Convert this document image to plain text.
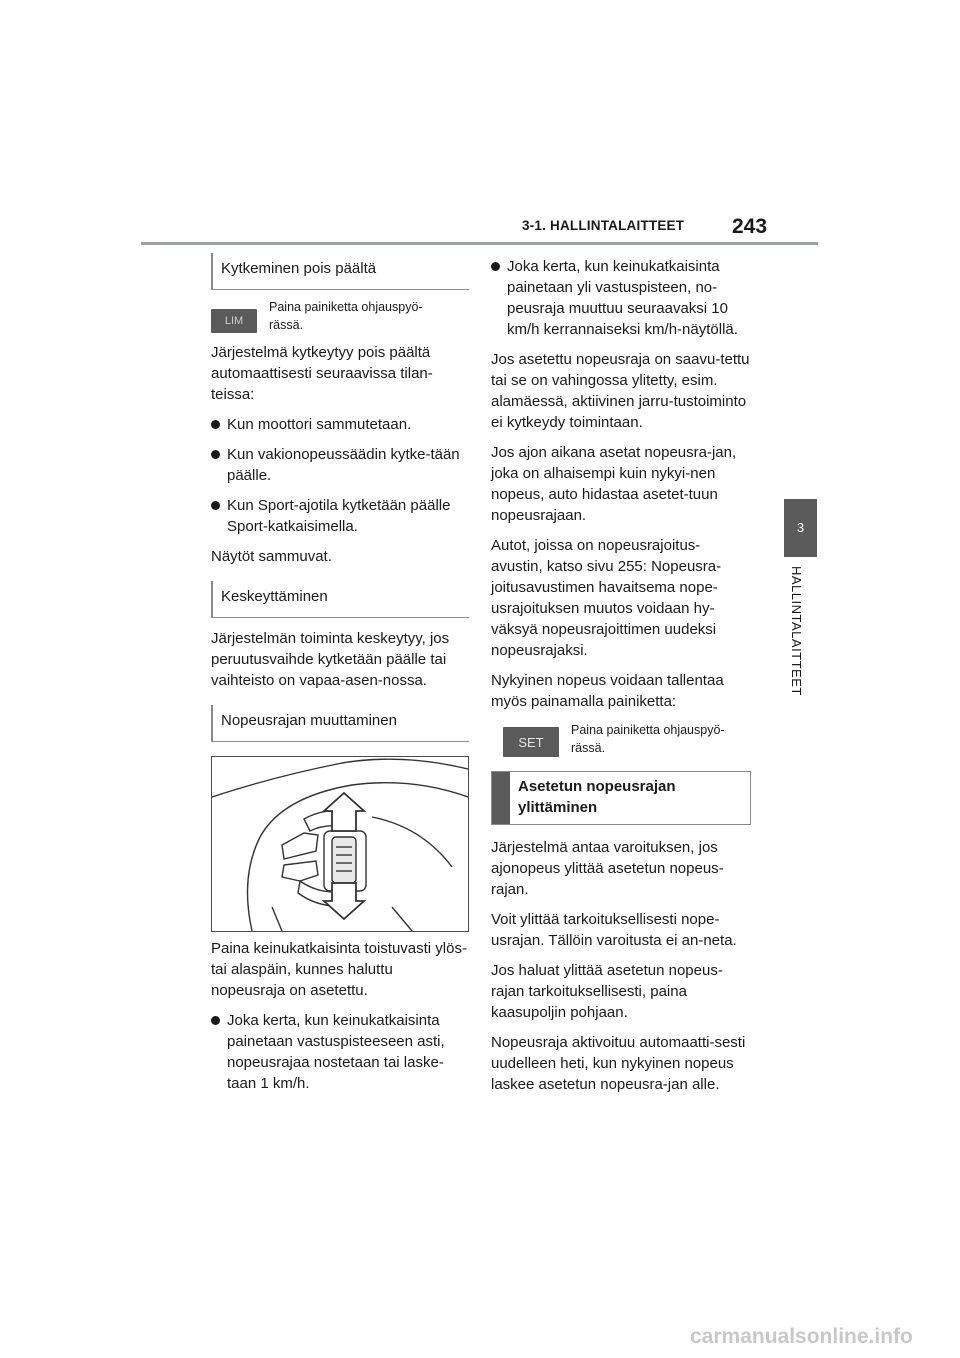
3-1. HALLINTALAITTEET 243
3
HALLINTALAITTEET
Kytkeminen pois päältä
LIM
Paina painiketta ohjauspyö-
rässä.

Järjestelmä kytkeytyy pois päältä automaattisesti seuraavissa tilan-teissa:

Kun moottori sammutetaan.
Kun vakionopeussäädin kytke-tään päälle.
Kun Sport-ajotila kytketään päälle Sport-katkaisimella.

Näytöt sammuvat.

Keskeyttäminen

Järjestelmän toiminta keskeytyy, jos peruutusvaihde kytketään päälle tai vaihteisto on vapaa-asen-nossa.

Nopeusrajan muuttaminen

Paina keinukatkaisinta toistuvasti ylös- tai alaspäin, kunnes haluttu nopeusraja on asetettu.

Joka kerta, kun keinukatkaisinta painetaan vastuspisteeseen asti, nopeusrajaa nostetaan tai laske-taan 1 km/h.
Joka kerta, kun keinukatkaisinta painetaan yli vastuspisteen, no-peusraja muuttuu seuraavaksi 10 km/h kerrannaiseksi km/h-näytöllä.

Jos asetettu nopeusraja on saavu-tettu tai se on vahingossa ylitetty, esim. alamäessä, aktiivinen jarru-tustoiminto ei kytkeydy toimintaan.

Jos ajon aikana asetat nopeusra-jan, joka on alhaisempi kuin nykyi-nen nopeus, auto hidastaa asetet-tuun nopeusrajaan.

Autot, joissa on nopeusrajoitus-avustin, katso sivu 255: Nopeusra-joitusavustimen havaitsema nope-usrajoituksen muutos voidaan hy-väksyä nopeusrajoittimen uudeksi nopeusrajaksi.

Nykyinen nopeus voidaan tallentaa myös painamalla painiketta:

SET
Paina painiketta ohjauspyö-
rässä.
Asetetun nopeusrajan ylittäminen

Järjestelmä antaa varoituksen, jos ajonopeus ylittää asetetun nopeus-rajan.

Voit ylittää tarkoituksellisesti nope-usrajan. Tällöin varoitusta ei an-neta.

Jos haluat ylittää asetetun nopeus-rajan tarkoituksellisesti, paina kaasupoljin pohjaan.

Nopeusraja aktivoituu automaatti-sesti uudelleen heti, kun nykyinen nopeus laskee asetetun nopeusra-jan alle.

carmanualsonline.info
